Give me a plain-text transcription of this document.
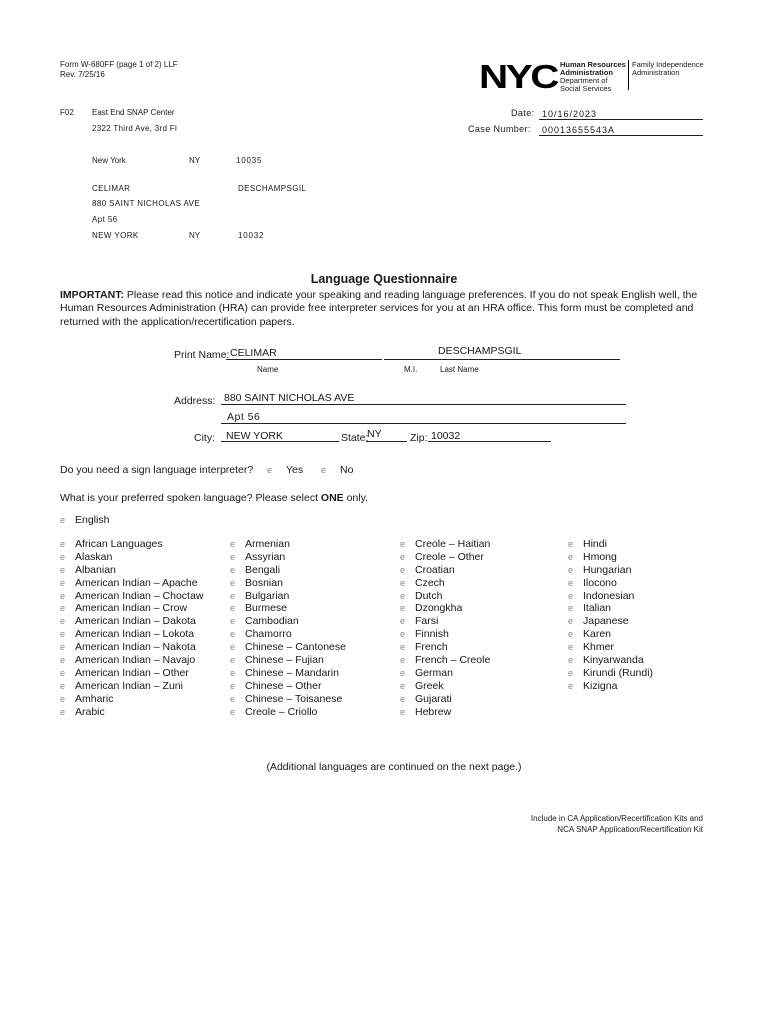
Form W-680FF (page 1 of 2) LLF
Rev. 7/25/16	NYC Human Resources
Administration
Department of
Social Services
Family Independence
Administration
F02 East End SNAP Center
2322 Third Ave, 3rd Fl
New York	NY	10035
Date: 10/16/2023
Case Number: 00013655543A
CELIMAR	DESCHAMPSGIL
880 SAINT NICHOLAS AVE
Apt 56
NEW YORK	NY	10032
Language Questionnaire
IMPORTANT: Please read this notice and indicate your speaking and reading language preferences. If you do not speak English well, the Human Resources Administration (HRA) can provide free interpreter services for you at an HRA office. This form must be completed and returned with the application/recertification papers.
Print Name: CELIMAR	DESCHAMPSGIL
Name	M.I.	Last Name
Address: 880 SAINT NICHOLAS AVE
Apt 56
City: NEW YORK	State:
NY	Zip: 10032
Do you need a sign language interpreter? e Yes e No
What is your preferred spoken language? Please select ONE only.
e English
e African Languages
e Alaskan
e Albanian
e American Indian – Apache
e American Indian – Choctaw
e American Indian – Crow
e American Indian – Dakota
e American Indian – Lokota
e American Indian – Nakota
e American Indian – Navajo
e American Indian – Other
e American Indian – Zuni
e Amharic
e Arabic
e Armenian
e Assyrian
e Bengali
e Bosnian
e Bulgarian
e Burmese
e Cambodian
e Chamorro
e Chinese – Cantonese
e Chinese – Fujian
e Chinese – Mandarin
e Chinese – Other
e Chinese – Toisanese
e Creole – Criollo
e Creole – Haitian
e Creole – Other
e Croatian
e Czech
e Dutch
e Dzongkha
e Farsi
e Finnish
e French
e French – Creole
e German
e Greek
e Gujarati
e Hebrew
e Hindi
e Hmong
e Hungarian
e Ilocono
e Indonesian
e Italian
e Japanese
e Karen
e Khmer
e Kinyarwanda
e Kirundi (Rundi)
e Kizigna
(Additional languages are continued on the next page.)
Include in CA Application/Recertification Kits and
NCA SNAP Application/Recertification Kit
